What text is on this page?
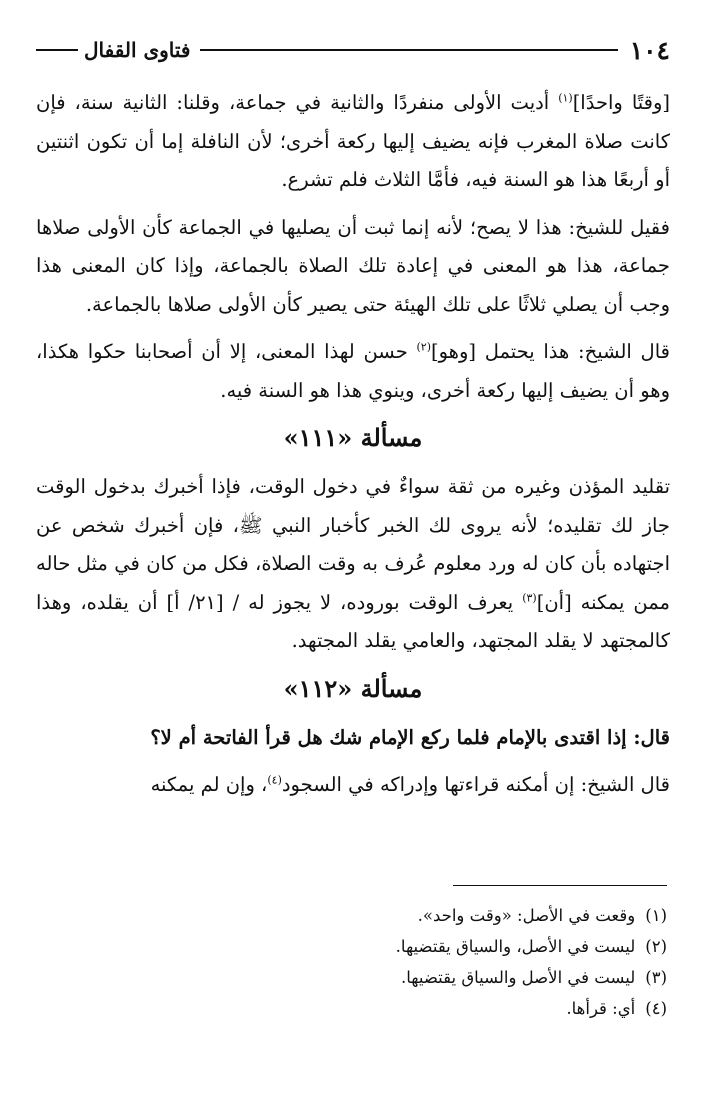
١٠٤
فتاوى القفال

[وقتًا واحدًا]$^{(١)}$ أديت الأولى منفردًا والثانية في جماعة، وقلنا: الثانية سنة، فإن كانت صلاة المغرب فإنه يضيف إليها ركعة أخرى؛ لأن النافلة إما أن تكون اثنتين أو أربعًا هذا هو السنة فيه، فأمَّا الثلاث فلم تشرع.

فقيل للشيخ: هذا لا يصح؛ لأنه إنما ثبت أن يصليها في الجماعة كأن الأولى صلاها جماعة، هذا هو المعنى في إعادة تلك الصلاة بالجماعة، وإذا كان المعنى هذا وجب أن يصلي ثلاثًا على تلك الهيئة حتى يصير كأن الأولى صلاها بالجماعة.

قال الشيخ: هذا يحتمل [وهو]$^{(٢)}$ حسن لهذا المعنى، إلا أن أصحابنا حكوا هكذا، وهو أن يضيف إليها ركعة أخرى، وينوي هذا هو السنة فيه.

مسألة «١١١»

تقليد المؤذن وغيره من ثقة سواءٌ في دخول الوقت، فإذا أخبرك بدخول الوقت جاز لك تقليده؛ لأنه يروى لك الخبر كأخبار النبي ﷺ، فإن أخبرك شخص عن اجتهاده بأن كان له ورد معلوم عُرف به وقت الصلاة، فكل من كان في مثل حاله ممن يمكنه [أن]$^{(٣)}$ يعرف الوقت بوروده، لا يجوز له / [٢١/ أ] أن يقلده، وهذا كالمجتهد لا يقلد المجتهد، والعامي يقلد المجتهد.

مسألة «١١٢»

قال: إذا اقتدى بالإمام فلما ركع الإمام شك هل قرأ الفاتحة أم لا؟

قال الشيخ: إن أمكنه قراءتها وإدراكه في السجود$^{(٤)}$، وإن لم يمكنه

(١)وقعت في الأصل: «وقت واحد».
(٢)ليست في الأصل، والسياق يقتضيها.
(٣)ليست في الأصل والسياق يقتضيها.
(٤)أي: قرأها.
